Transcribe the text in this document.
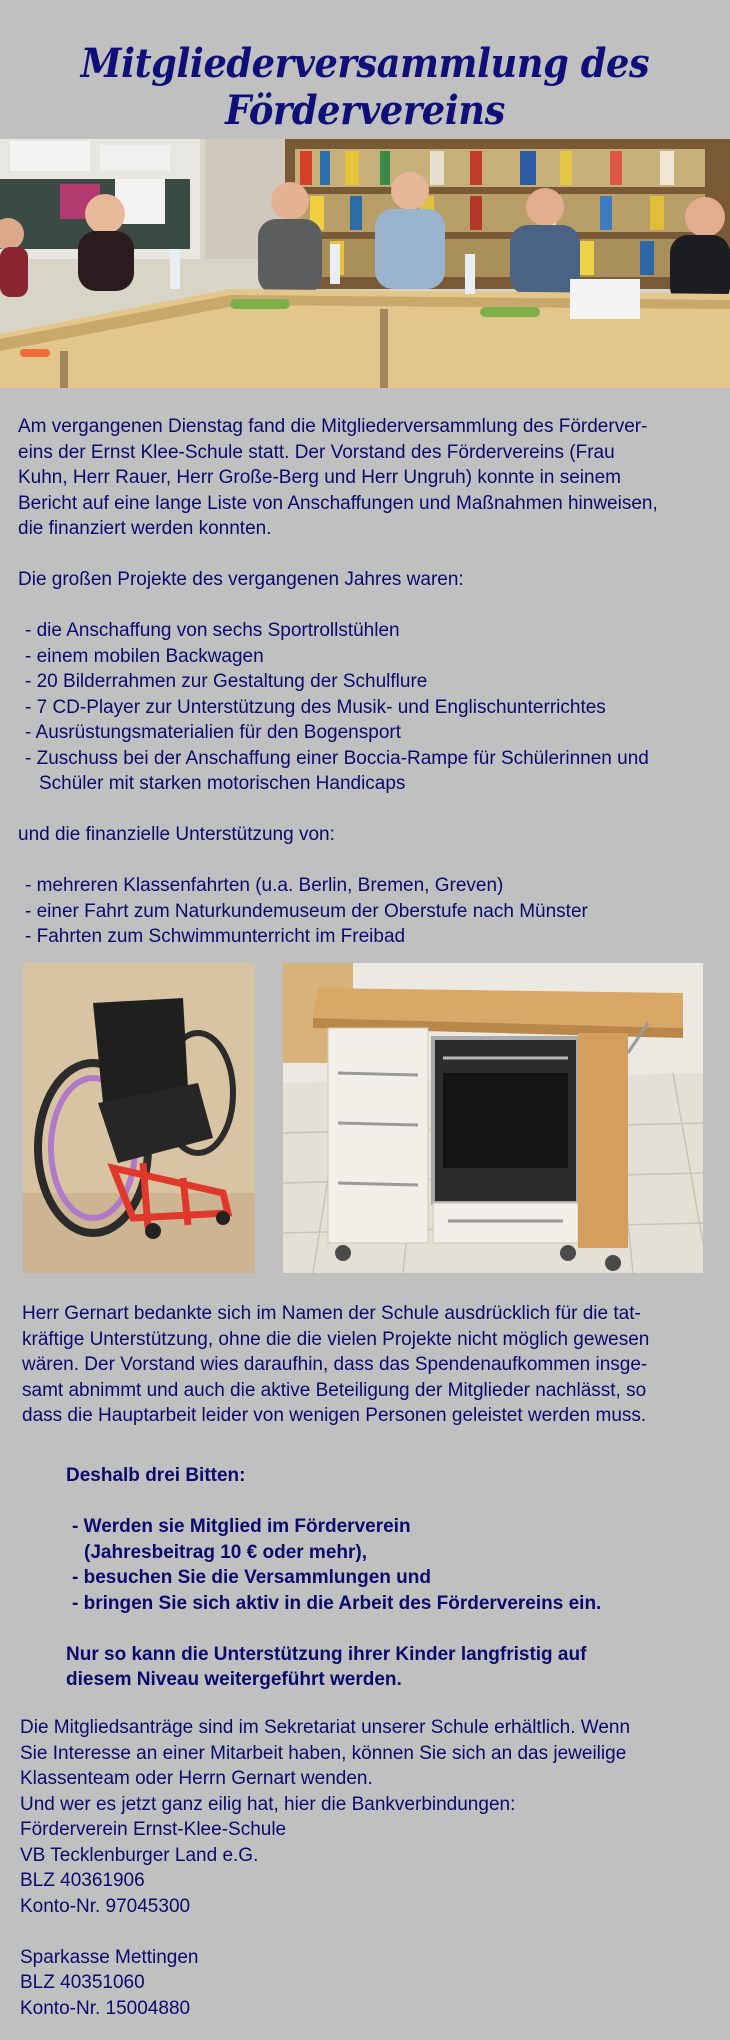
Mitgliederversammlung des Fördervereins

Am vergangenen Dienstag fand die Mitgliederversammlung des Förderver-

eins der Ernst Klee-Schule statt. Der Vorstand des Fördervereins (Frau

Kuhn, Herr Rauer, Herr Große-Berg und Herr Ungruh) konnte in seinem

Bericht auf eine lange Liste von Anschaffungen und Maßnahmen hinweisen,

die finanziert werden konnten.

Die großen Projekte des vergangenen Jahres waren:

- die Anschaffung von sechs Sportrollstühlen
- einem mobilen Backwagen
- 20 Bilderrahmen zur Gestaltung der Schulflure
- 7 CD-Player zur Unterstützung des Musik- und Englischunterrichtes
- Ausrüstungsmaterialien für den Bogensport
- Zuschuss bei der Anschaffung einer Boccia-Rampe für Schülerinnen und
Schüler mit starken motorischen Handicaps

und die finanzielle Unterstützung von:

- mehreren Klassenfahrten (u.a. Berlin, Bremen, Greven)
- einer Fahrt zum Naturkundemuseum der Oberstufe nach Münster
- Fahrten zum Schwimmunterricht im Freibad

Herr Gernart bedankte sich im Namen der Schule ausdrücklich für die tat-

kräftige Unterstützung, ohne die die vielen Projekte nicht möglich gewesen

wären. Der Vorstand wies daraufhin, dass das Spendenaufkommen insge-

samt abnimmt und auch die aktive Beteiligung der Mitglieder nachlässt, so

dass die Hauptarbeit leider von wenigen Personen geleistet werden muss.

Deshalb drei Bitten:

- Werden sie Mitglied im Förderverein

(Jahresbeitrag 10 € oder mehr),

- besuchen Sie die Versammlungen und

- bringen Sie sich aktiv in die Arbeit des Fördervereins ein.

Nur so kann die Unterstützung ihrer Kinder langfristig auf

diesem Niveau weitergeführt werden.

Die Mitgliedsanträge sind im Sekretariat unserer Schule erhältlich. Wenn

Sie Interesse an einer Mitarbeit haben, können Sie sich an das jeweilige

Klassenteam oder Herrn Gernart wenden.

Und wer es jetzt ganz eilig hat, hier die Bankverbindungen:

Förderverein Ernst-Klee-Schule

VB Tecklenburger Land e.G.

BLZ 40361906

Konto-Nr. 97045300

Sparkasse Mettingen

BLZ 40351060

Konto-Nr. 15004880
